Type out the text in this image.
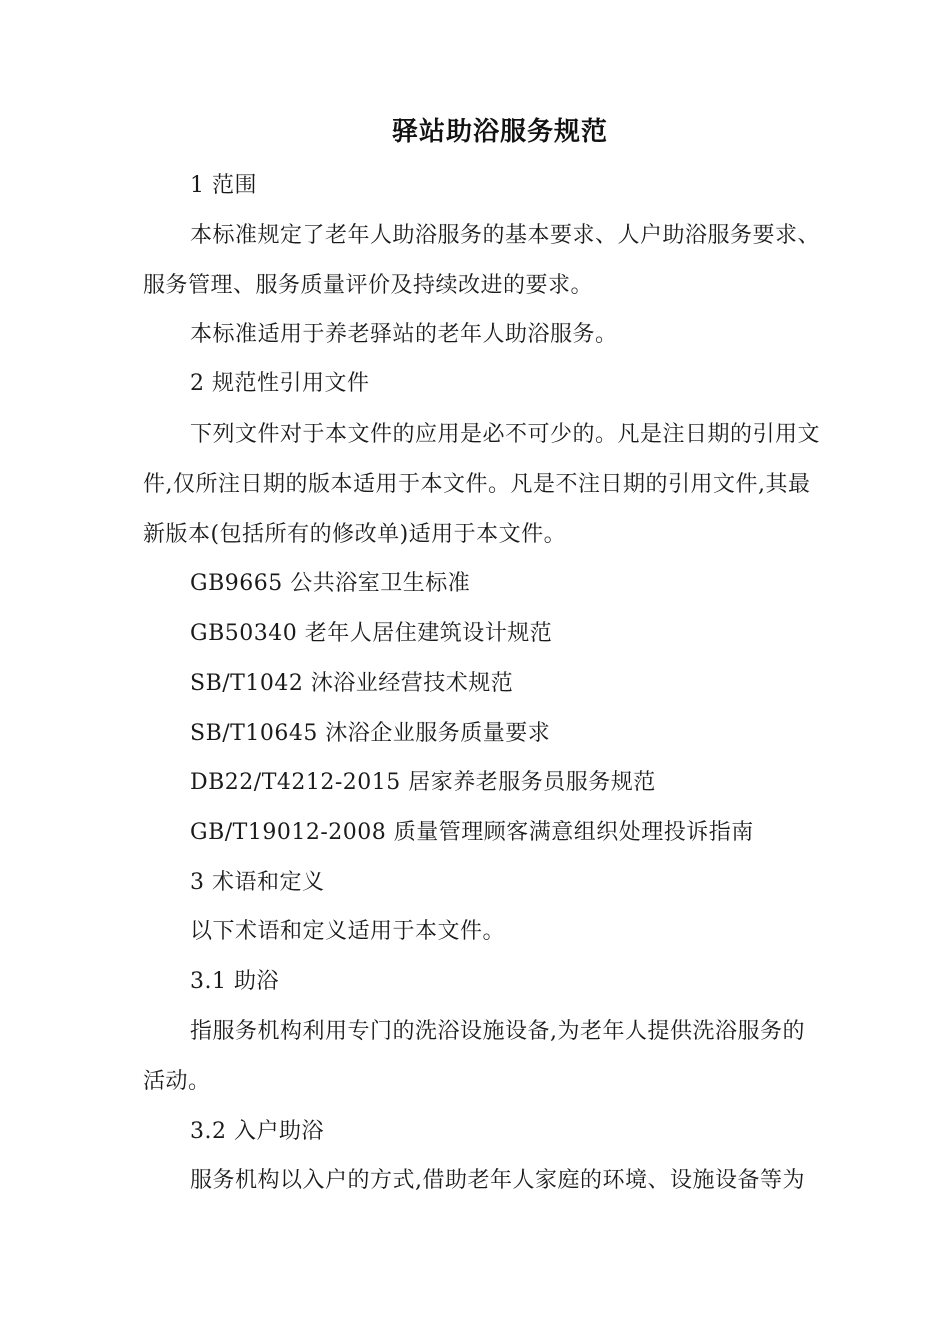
驿站助浴服务规范
1 范围
本标准规定了老年人助浴服务的基本要求、人户助浴服务要求、
服务管理、服务质量评价及持续改进的要求。
本标准适用于养老驿站的老年人助浴服务。
2 规范性引用文件
下列文件对于本文件的应用是必不可少的。凡是注日期的引用文
件,仅所注日期的版本适用于本文件。凡是不注日期的引用文件,其最
新版本(包括所有的修改单)适用于本文件。
GB9665 公共浴室卫生标准
GB50340 老年人居住建筑设计规范
SB/T1042 沐浴业经营技术规范
SB/T10645 沐浴企业服务质量要求
DB22/T4212-2015 居家养老服务员服务规范
GB/T19012-2008 质量管理顾客满意组织处理投诉指南
3 术语和定义
以下术语和定义适用于本文件。
3.1 助浴
指服务机构利用专门的洗浴设施设备,为老年人提供洗浴服务的
活动。
3.2 入户助浴
服务机构以入户的方式,借助老年人家庭的环境、设施设备等为
